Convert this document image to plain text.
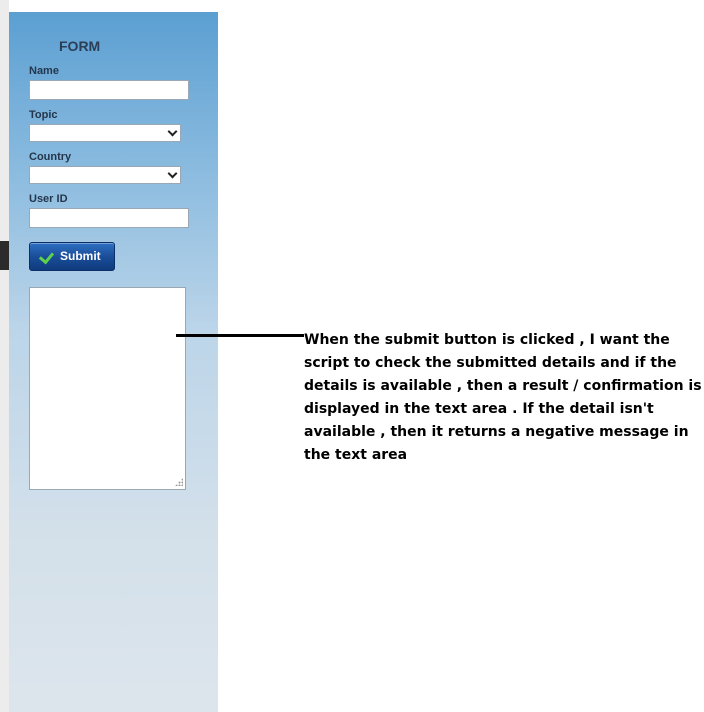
FORM
Name
Topic
Country
User ID
Submit
When the submit button is clicked , I want the script to check the submitted details and if the details is available , then a result / confirmation is displayed in the text area . If the detail isn't available , then it returns a negative message in the text area
